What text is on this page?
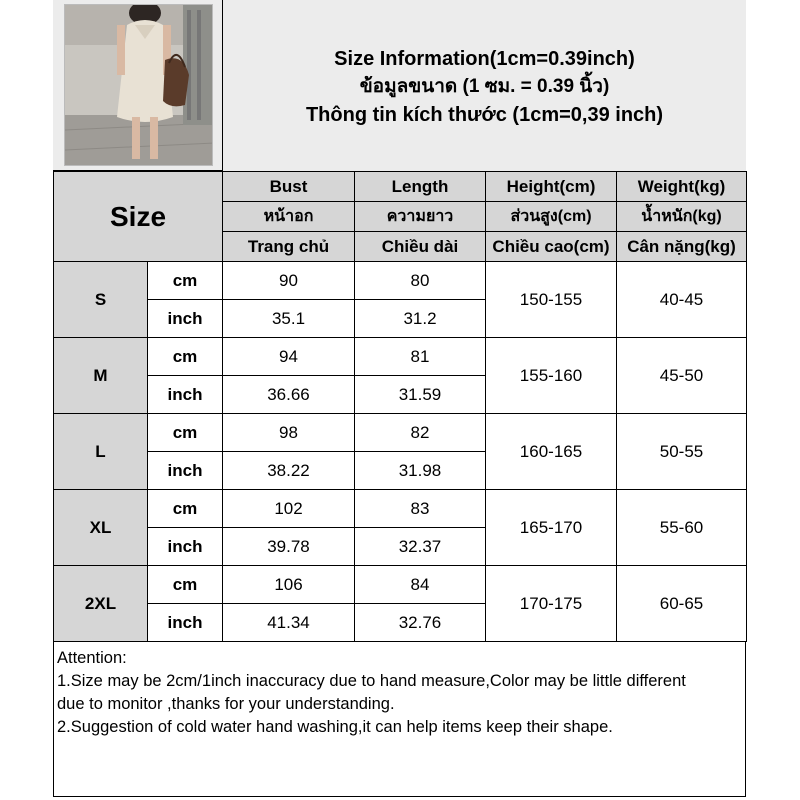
Size Information(1cm=0.39inch)
ข้อมูลขนาด (1 ซม. = 0.39 นิ้ว)
Thông tin kích thước (1cm=0,39 inch)
Size		Bust	Length	Height(cm)	Weight(kg)
		หน้าอก	ความยาว	ส่วนสูง(cm)	น้ำหนัก(kg)
		Trang chủ	Chiều dài	Chiều cao(cm)	Cân nặng(kg)
S	cm	90	80	150-155	40-45
	inch	35.1	31.2		
M	cm	94	81	155-160	45-50
	inch	36.66	31.59		
L	cm	98	82	160-165	50-55
	inch	38.22	31.98		
XL	cm	102	83	165-170	55-60
	inch	39.78	32.37		
2XL	cm	106	84	170-175	60-65
	inch	41.34	32.76		
Attention:
1.Size may be 2cm/1inch inaccuracy due to hand measure,Color may be little different
due to monitor ,thanks for your understanding.
2.Suggestion of cold water hand washing,it can help items keep their shape.
